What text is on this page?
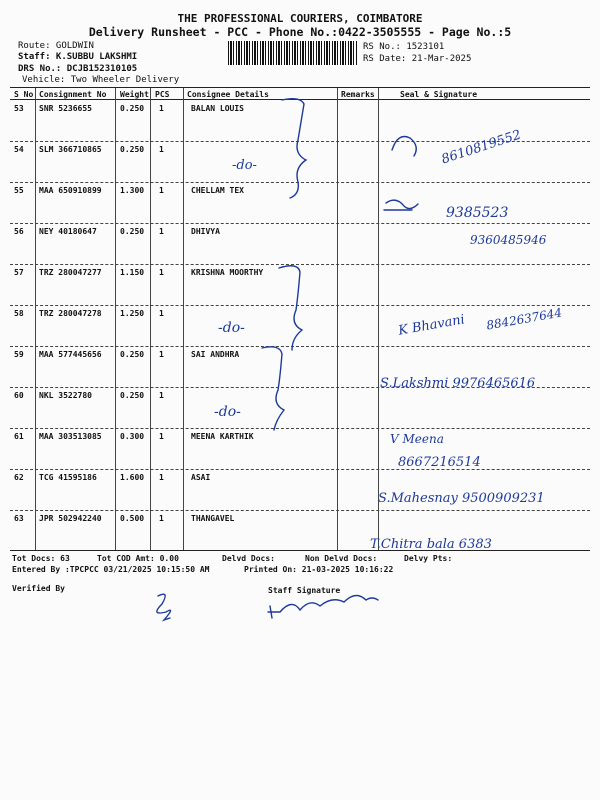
THE PROFESSIONAL COURIERS, COIMBATORE
Delivery Runsheet - PCC - Phone No.:0422-3505555 - Page No.:5
Route: GOLDWIN
Staff: K.SUBBU LAKSHMI
DRS No.: DCJB152310105
Vehicle: Two Wheeler Delivery
RS No.: 1523101
RS Date: 21-Mar-2025
S No Consignment No Weight PCS Consignee Details	Remarks	Seal & Signature
53 SNR 5236655	0.250 1	BALAN LOUIS
54 SLM 366710865 0.250 1
55 MAA 650910899 1.300 1	CHELLAM TEX
56 NEY 40180647	0.250 1	DHIVYA
57 TRZ 280047277 1.150 1	KRISHNA MOORTHY
58 TRZ 280047278 1.250 1
59 MAA 577445656 0.250 1	SAI ANDHRA
60 NKL 3522780	0.250 1
61 MAA 303513085 0.300 1	MEENA KARTHIK
62 TCG 41595186	1.600 1	ASAI
63 JPR 502942240 0.500 1	THANGAVEL
Tot Docs: 63	Tot COD Amt: 0.00	Delvd Docs:	Non Delvd Docs:	Delvy Pts:
Entered By :TPCPCC 03/21/2025 10:15:50 AM	Printed On: 21-03-2025 10:16:22
Verified By	Staff Signature
-do-
-do-
-do-
8610819552
9385523
9360485946
K Bhavani 8842637644
S.Lakshmi 9976465616
V Meena
8667216514
S.Mahesnay 9500909231
T.Chitra bala 6383
